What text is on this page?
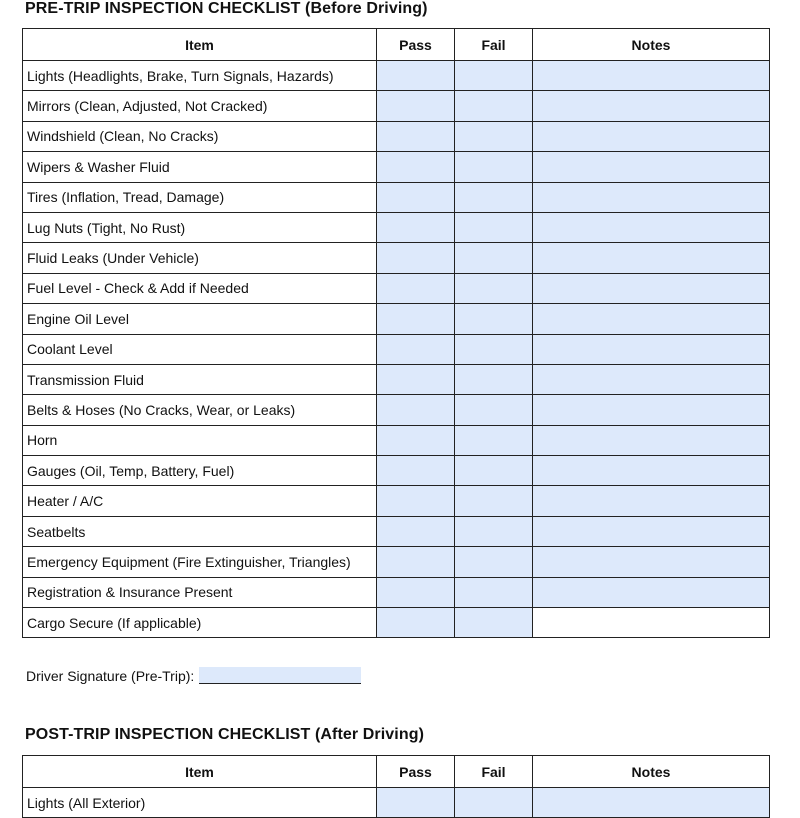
PRE-TRIP INSPECTION CHECKLIST (Before Driving)
Item	Pass	Fail	Notes
Lights (Headlights, Brake, Turn Signals, Hazards)			
Mirrors (Clean, Adjusted, Not Cracked)			
Windshield (Clean, No Cracks)			
Wipers & Washer Fluid			
Tires (Inflation, Tread, Damage)			
Lug Nuts (Tight, No Rust)			
Fluid Leaks (Under Vehicle)			
Fuel Level - Check & Add if Needed			
Engine Oil Level			
Coolant Level			
Transmission Fluid			
Belts & Hoses (No Cracks, Wear, or Leaks)			
Horn			
Gauges (Oil, Temp, Battery, Fuel)			
Heater / A/C			
Seatbelts			
Emergency Equipment (Fire Extinguisher, Triangles)			
Registration & Insurance Present			
Cargo Secure (If applicable)			
Driver Signature (Pre-Trip):
POST-TRIP INSPECTION CHECKLIST (After Driving)
Item	Pass	Fail	Notes
Lights (All Exterior)			
